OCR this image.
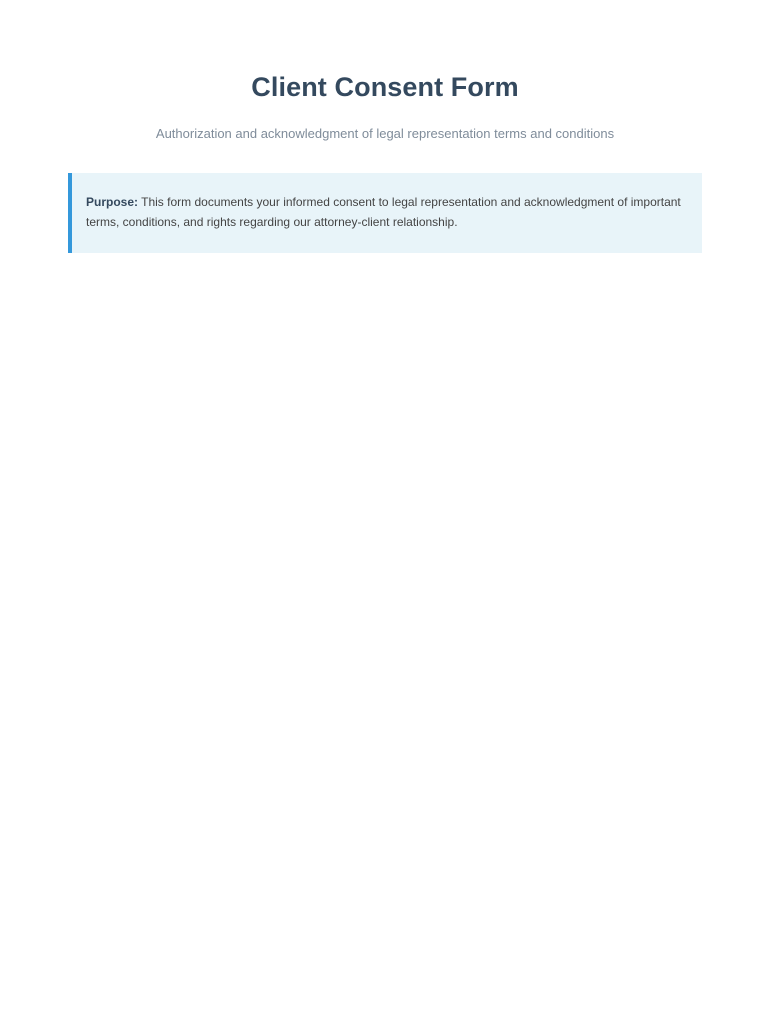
Client Consent Form

Authorization and acknowledgment of legal representation terms and conditions

Purpose: This form documents your informed consent to legal representation and acknowledgment of important terms, conditions, and rights regarding our attorney-client relationship.
